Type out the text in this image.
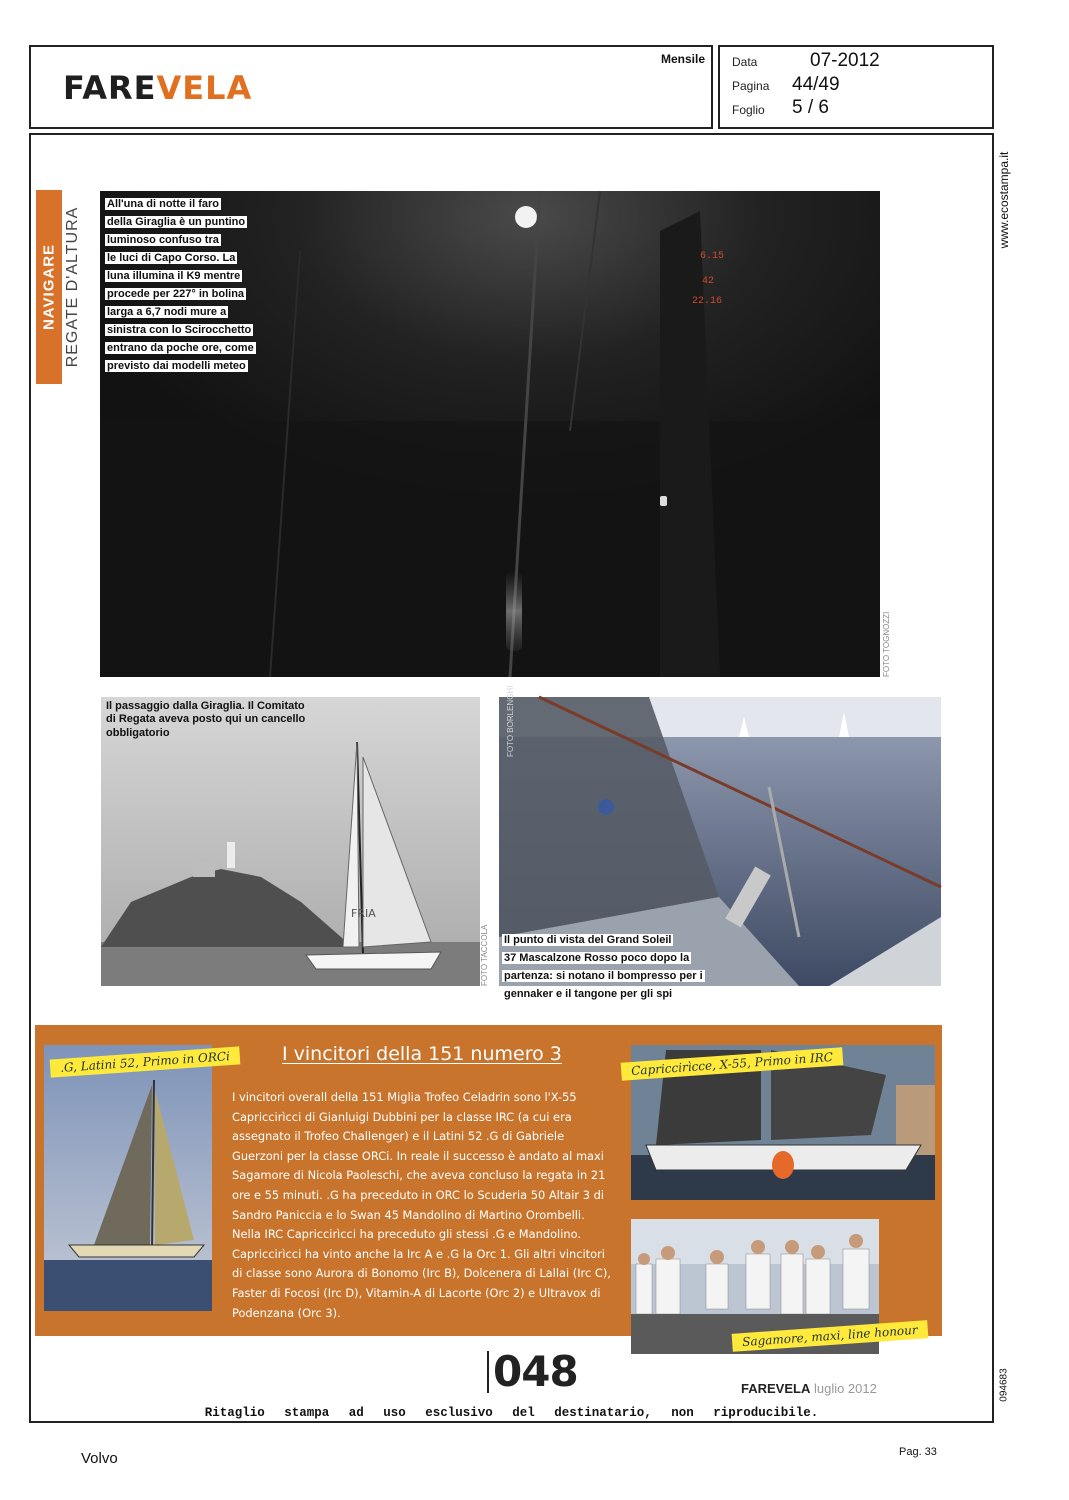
FAREVELA
Mensile Data	07-2012
Pagina 44/49
Foglio 5 / 6
www.ecostampa.it
094683
NAVIGARE REGATE D'ALTURA	6.15
42
22.16
All'una di notte il faro
della Giraglia è un puntino
luminoso confuso tra
le luci di Capo Corso. La
luna illumina il K9 mentre
procede per 227° in bolina
larga a 6,7 nodi mure a
sinistra con lo Scirocchetto
entrano da poche ore, come
previsto dai modelli meteo
FOTO TOGNOZZI
FRIA
Il passaggio dalla Giraglia. Il Comitato
di Regata aveva posto qui un cancello
obbligatorio
FOTO TACCOLA Il punto di vista del Grand Soleil
37 Mascalzone Rosso poco dopo la
partenza: si notano il bompresso per i
gennaker e il tangone per gli spi
FOTO BORLENGHI
.G, Latini 52, Primo in ORCi	I vincitori della 151 numero 3
I vincitori overall della 151 Miglia Trofeo Celadrin sono l'X-55 Capriccirìcci di Gianluigi Dubbini per la classe IRC (a cui era assegnato il Trofeo Challenger) e il Latini 52 .G di Gabriele Guerzoni per la classe ORCi. In reale il successo è andato al maxi Sagamore di Nicola Paoleschi, che aveva concluso la regata in 21 ore e 55 minuti. .G ha preceduto in ORC lo Scuderia 50 Altair 3 di Sandro Paniccia e lo Swan 45 Mandolino di Martino Orombelli. Nella IRC Capriccirìcci ha preceduto gli stessi .G e Mandolino. Capriccirìcci ha vinto anche la Irc A e .G la Orc 1. Gli altri vincitori di classe sono Aurora di Bonomo (Irc B), Dolcenera di Lallai (Irc C), Faster di Focosi (Irc D), Vitamin-A di Lacorte (Orc 2) e Ultravox di Podenzana (Orc 3).
Capriccirìcce, X-55, Primo in IRC
Sagamore, maxi, line honour
048	FAREVELA luglio 2012
Ritaglio stampa ad uso esclusivo del destinatario, non riproducibile.
Volvo	Pag. 33
